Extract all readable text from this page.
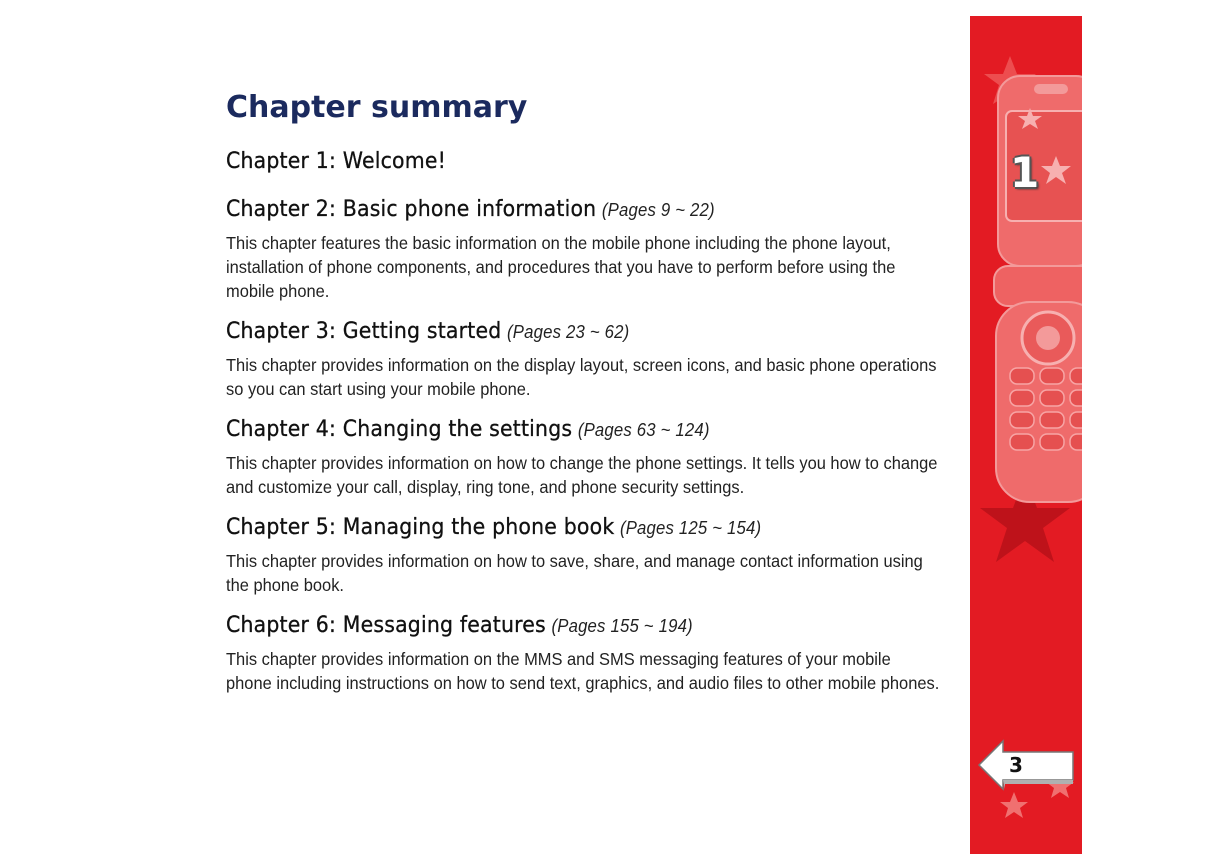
Chapter summary
Chapter 1: Welcome!
Chapter 2: Basic phone information (Pages 9 ~ 22)

This chapter features the basic information on the mobile phone including the phone layout, installation of phone components, and procedures that you have to perform before using the mobile phone.

Chapter 3: Getting started (Pages 23 ~ 62)

This chapter provides information on the display layout, screen icons, and basic phone operations so you can start using your mobile phone.

Chapter 4: Changing the settings (Pages 63 ~ 124)

This chapter provides information on how to change the phone settings. It tells you how to change and customize your call, display, ring tone, and phone security settings.

Chapter 5: Managing the phone book (Pages 125 ~ 154)

This chapter provides information on how to save, share, and manage contact information using the phone book.

Chapter 6: Messaging features (Pages 155 ~ 194)

This chapter provides information on the MMS and SMS messaging features of your mobile phone including instructions on how to send text, graphics, and audio files to other mobile phones.

1
3
